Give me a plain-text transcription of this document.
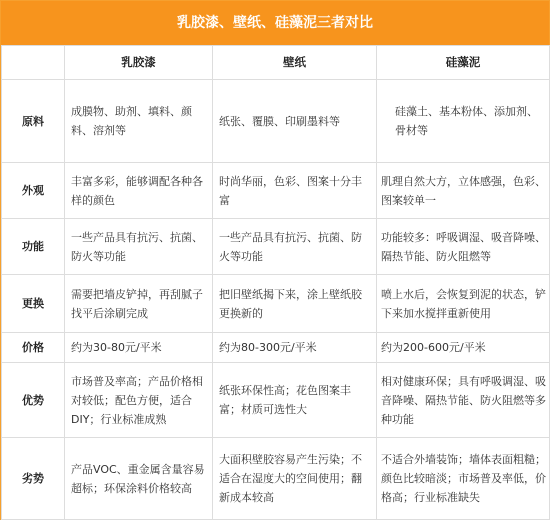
乳胶漆、壁纸、硅藻泥三者对比
	乳胶漆	壁纸	硅藻泥
原料	成膜物、助剂、填料、颜料、溶剂等	纸张、覆膜、印刷墨料等	硅藻土、基本粉体、添加剂、骨材等
外观	丰富多彩，能够调配各种各样的颜色	时尚华丽，色彩、图案十分丰富	肌理自然大方，立体感强，色彩、图案较单一
功能	一些产品具有抗污、抗菌、防火等功能	一些产品具有抗污、抗菌、防火等功能	功能较多：呼吸调湿、吸音降噪、隔热节能、防火阻燃等
更换	需要把墙皮铲掉，再刮腻子找平后涂刷完成	把旧壁纸揭下来，涂上壁纸胶更换新的	喷上水后，会恢复到泥的状态，铲下来加水搅拌重新使用
价格	约为30-80元/平米	约为80-300元/平米	约为200-600元/平米
优势	市场普及率高；产品价格相对较低；配色方便，适合DIY；行业标准成熟	纸张环保性高；花色图案丰富；材质可选性大	相对健康环保；具有呼吸调湿、吸音降噪、隔热节能、防火阻燃等多种功能
劣势	产品VOC、重金属含量容易超标；环保涂料价格较高	大面积壁胶容易产生污染；不适合在湿度大的空间使用；翻新成本较高	不适合外墙装饰；墙体表面粗糙；颜色比较暗淡；市场普及率低，价格高；行业标准缺失
